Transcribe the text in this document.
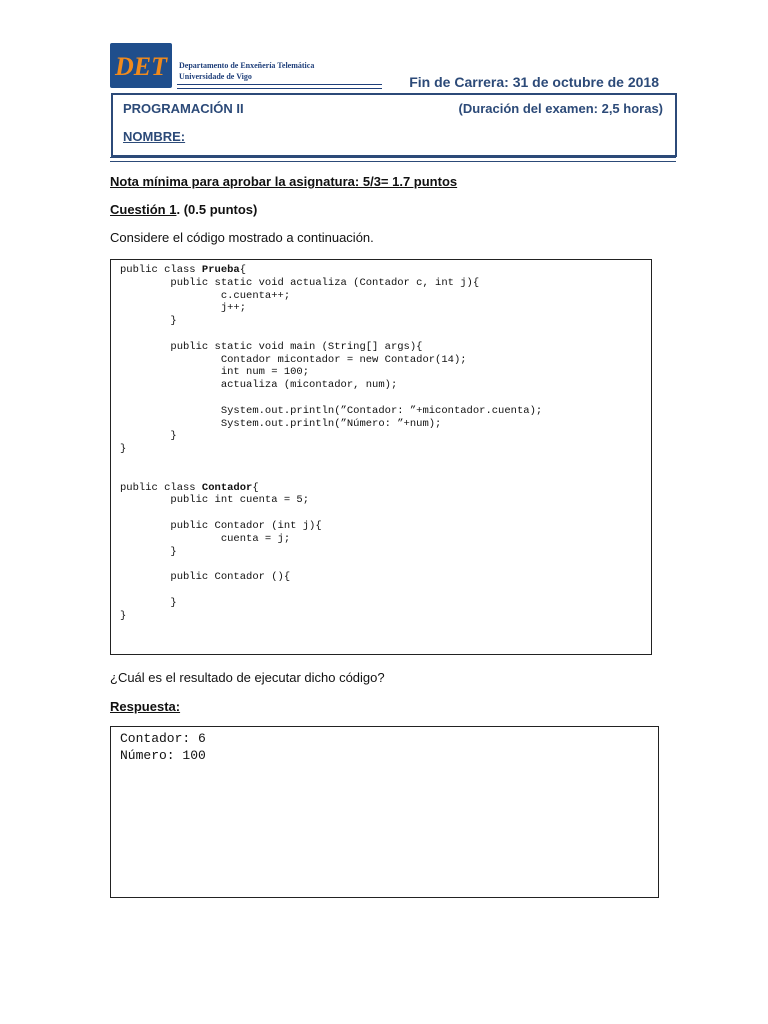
DET Departamento de Enxeñería Telemática
Universidade de Vigo	Fin de Carrera: 31 de octubre de 2018
PROGRAMACIÓN II	(Duración del examen: 2,5 horas)
NOMBRE:
Nota mínima para aprobar la asignatura: 5/3= 1.7 puntos
Cuestión 1. (0.5 puntos)
Considere el código mostrado a continuación.
public class Prueba{
public static void actualiza (Contador c, int j){
c.cuenta++;
j++;
}

public static void main (String[] args){
Contador micontador = new Contador(14);
int num = 100;
actualiza (micontador, num);

System.out.println(”Contador: ”+micontador.cuenta);
System.out.println(”Número: ”+num);
}
}

public class Contador{
public int cuenta = 5;

public Contador (int j){
cuenta = j;
}

public Contador (){

}
}
¿Cuál es el resultado de ejecutar dicho código?
Respuesta:
Contador: 6
Número: 100
